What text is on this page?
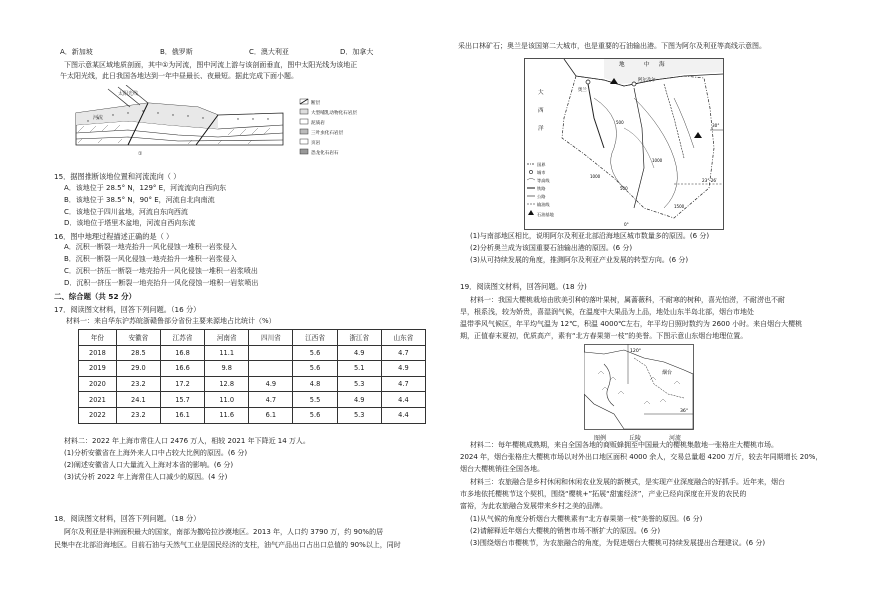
A．新加坡	B．俄罗斯	C．澳大利亚	D．加拿大
下图示意某区域地质剖面，其中①为河流，图中河流上游与该剖面垂直，图中太阳光线为该地正
午太阳光线，此日我国各地达到一年中昼最长、夜最短。据此完成下面小题。
太阳光线
河流
①
断层
大型哺乳动物化石岩层
泥质岩
三叶虫化石岩层
页岩
恐龙化石岩石
15．据图推断该地位置和河流流向（ ）
A．该地位于 28.5° N，129° E，河流流向自西向东
B．该地位于 38.5° N，90° E，河流自北向南流
C．该地位于四川盆地，河流自东向西流
D．该地位于塔里木盆地，河流自西向东流
16．图中地理过程描述正确的是（ ）
A．沉积一断裂一地壳抬升一风化侵蚀一堆积一岩浆侵入
B．沉积一断裂一风化侵蚀一地壳抬升一堆积一岩浆侵入
C．沉积一挤压一断裂一地壳抬升一风化侵蚀一堆积一岩浆喷出
D．沉积一挤压一断裂一地壳抬升一风化侵蚀一堆积一岩浆喷出
二、综合题（共 52 分）
17．阅读图文材料，回答下列问题。（16 分）
材料一：来自华东沪苏皖浙赣鲁部分省份主要来源地占比统计（%）
年份	安徽省	江苏省	河南省	四川省	江西省	浙江省	山东省
2018	28.5	16.8	11.1		5.6	4.9	4.7
2019	29.0	16.6	9.8		5.6	5.1	4.9
2020	23.2	17.2	12.8	4.9	4.8	5.3	4.7
2021	24.1	15.7	11.0	4.7	5.5	4.9	4.4
2022	23.2	16.1	11.6	6.1	5.6	5.3	4.4
材料二：2022 年上海市常住人口 2476 万人，相较 2021 年下降近 14 万人。
(1)分析安徽省在上海外来人口中占较大比例的原因。(6 分)
(2)阐述安徽省人口大量流入上海对本省的影响。(6 分)
(3)试分析 2022 年上海常住人口减少的原因。(4 分)
18．阅读图文材料，回答下列问题。（18 分）
阿尔及利亚是非洲面积最大的国家，南部为撒哈拉沙漠地区。2013 年，人口约 3790 万，约 90%的居
民集中在北部沿海地区。目前石油与天然气工业是国民经济的支柱，油气产品出口占出口总值的 90%以上，同时
采出口林矿石；奥兰是该国第二大城市，也是重要的石油输出港。下图为阿尔及利亚等高线示意图。
地	中 海
大
西
洋
阿尔及尔
奥兰
30°
23° 26′
0°
500
1000
1500
500
1000
国界
城市
等高线
铁路
公路
输油线
石油基地
(1)与南部地区相比，说明阿尔及利亚北部沿海地区城市数量多的原因。(6 分)
(2)分析奥兰成为该国重要石油输出港的原因。(6 分)
(3)从可持续发展的角度，推测阿尔及利亚产业发展的转型方向。(6 分)
19．阅读图文材料，回答问题。(18 分)
材料一：我国大樱桃栽培由欧美引种的落叶果树，属蔷薇科，不耐寒的树种，喜光怕涝，不耐涝也不耐
旱，根系浅，较为娇贵，喜湿润气候，在温度中大果品为上品，地处山东半岛北部，烟台市地处
温带季风气候区，年平均气温为 12℃，积温 4000℃左右，年平均日照时数约为 2600 小时。来自烟台大樱桃
期，正值春末夏初，优质高产，素有“北方春果第一枝”的美誉。下图示意山东烟台地理位置。
120°
烟台
36°
图例	丘陵	河流
材料二：每年樱桃成熟期，来自全国各地的商贩蜂拥至中国最大的樱桃集散地一张格庄大樱桃市场。
2024 年，烟台张格庄大樱桃市场以对外出口地区面积 4000 余人，交易总量超 4200 万斤，较去年同期增长 20%，
烟台大樱桃销往全国各地。
材料三：农旅融合是乡村休闲和休闲农业发展的新模式，是实现产业深度融合的好抓手。近年来，烟台
市多地依托樱桃节这个契机，围绕“樱桃+”拓展“甜蜜经济”，产业已经向深度在开发的农民的
富裕，为此农旅融合发展带来乡村之美的品牌。
(1)从气候的角度分析烟台大樱桃素有“北方春果第一枝”美誉的原因。(6 分)
(2)请解释近年烟台大樱桃的销售市场不断扩大的原因。(6 分)
(3)围绕烟台市樱桃节，为农旅融合的角度，为促进烟台大樱桃可持续发展提出合理建议。(6 分)
